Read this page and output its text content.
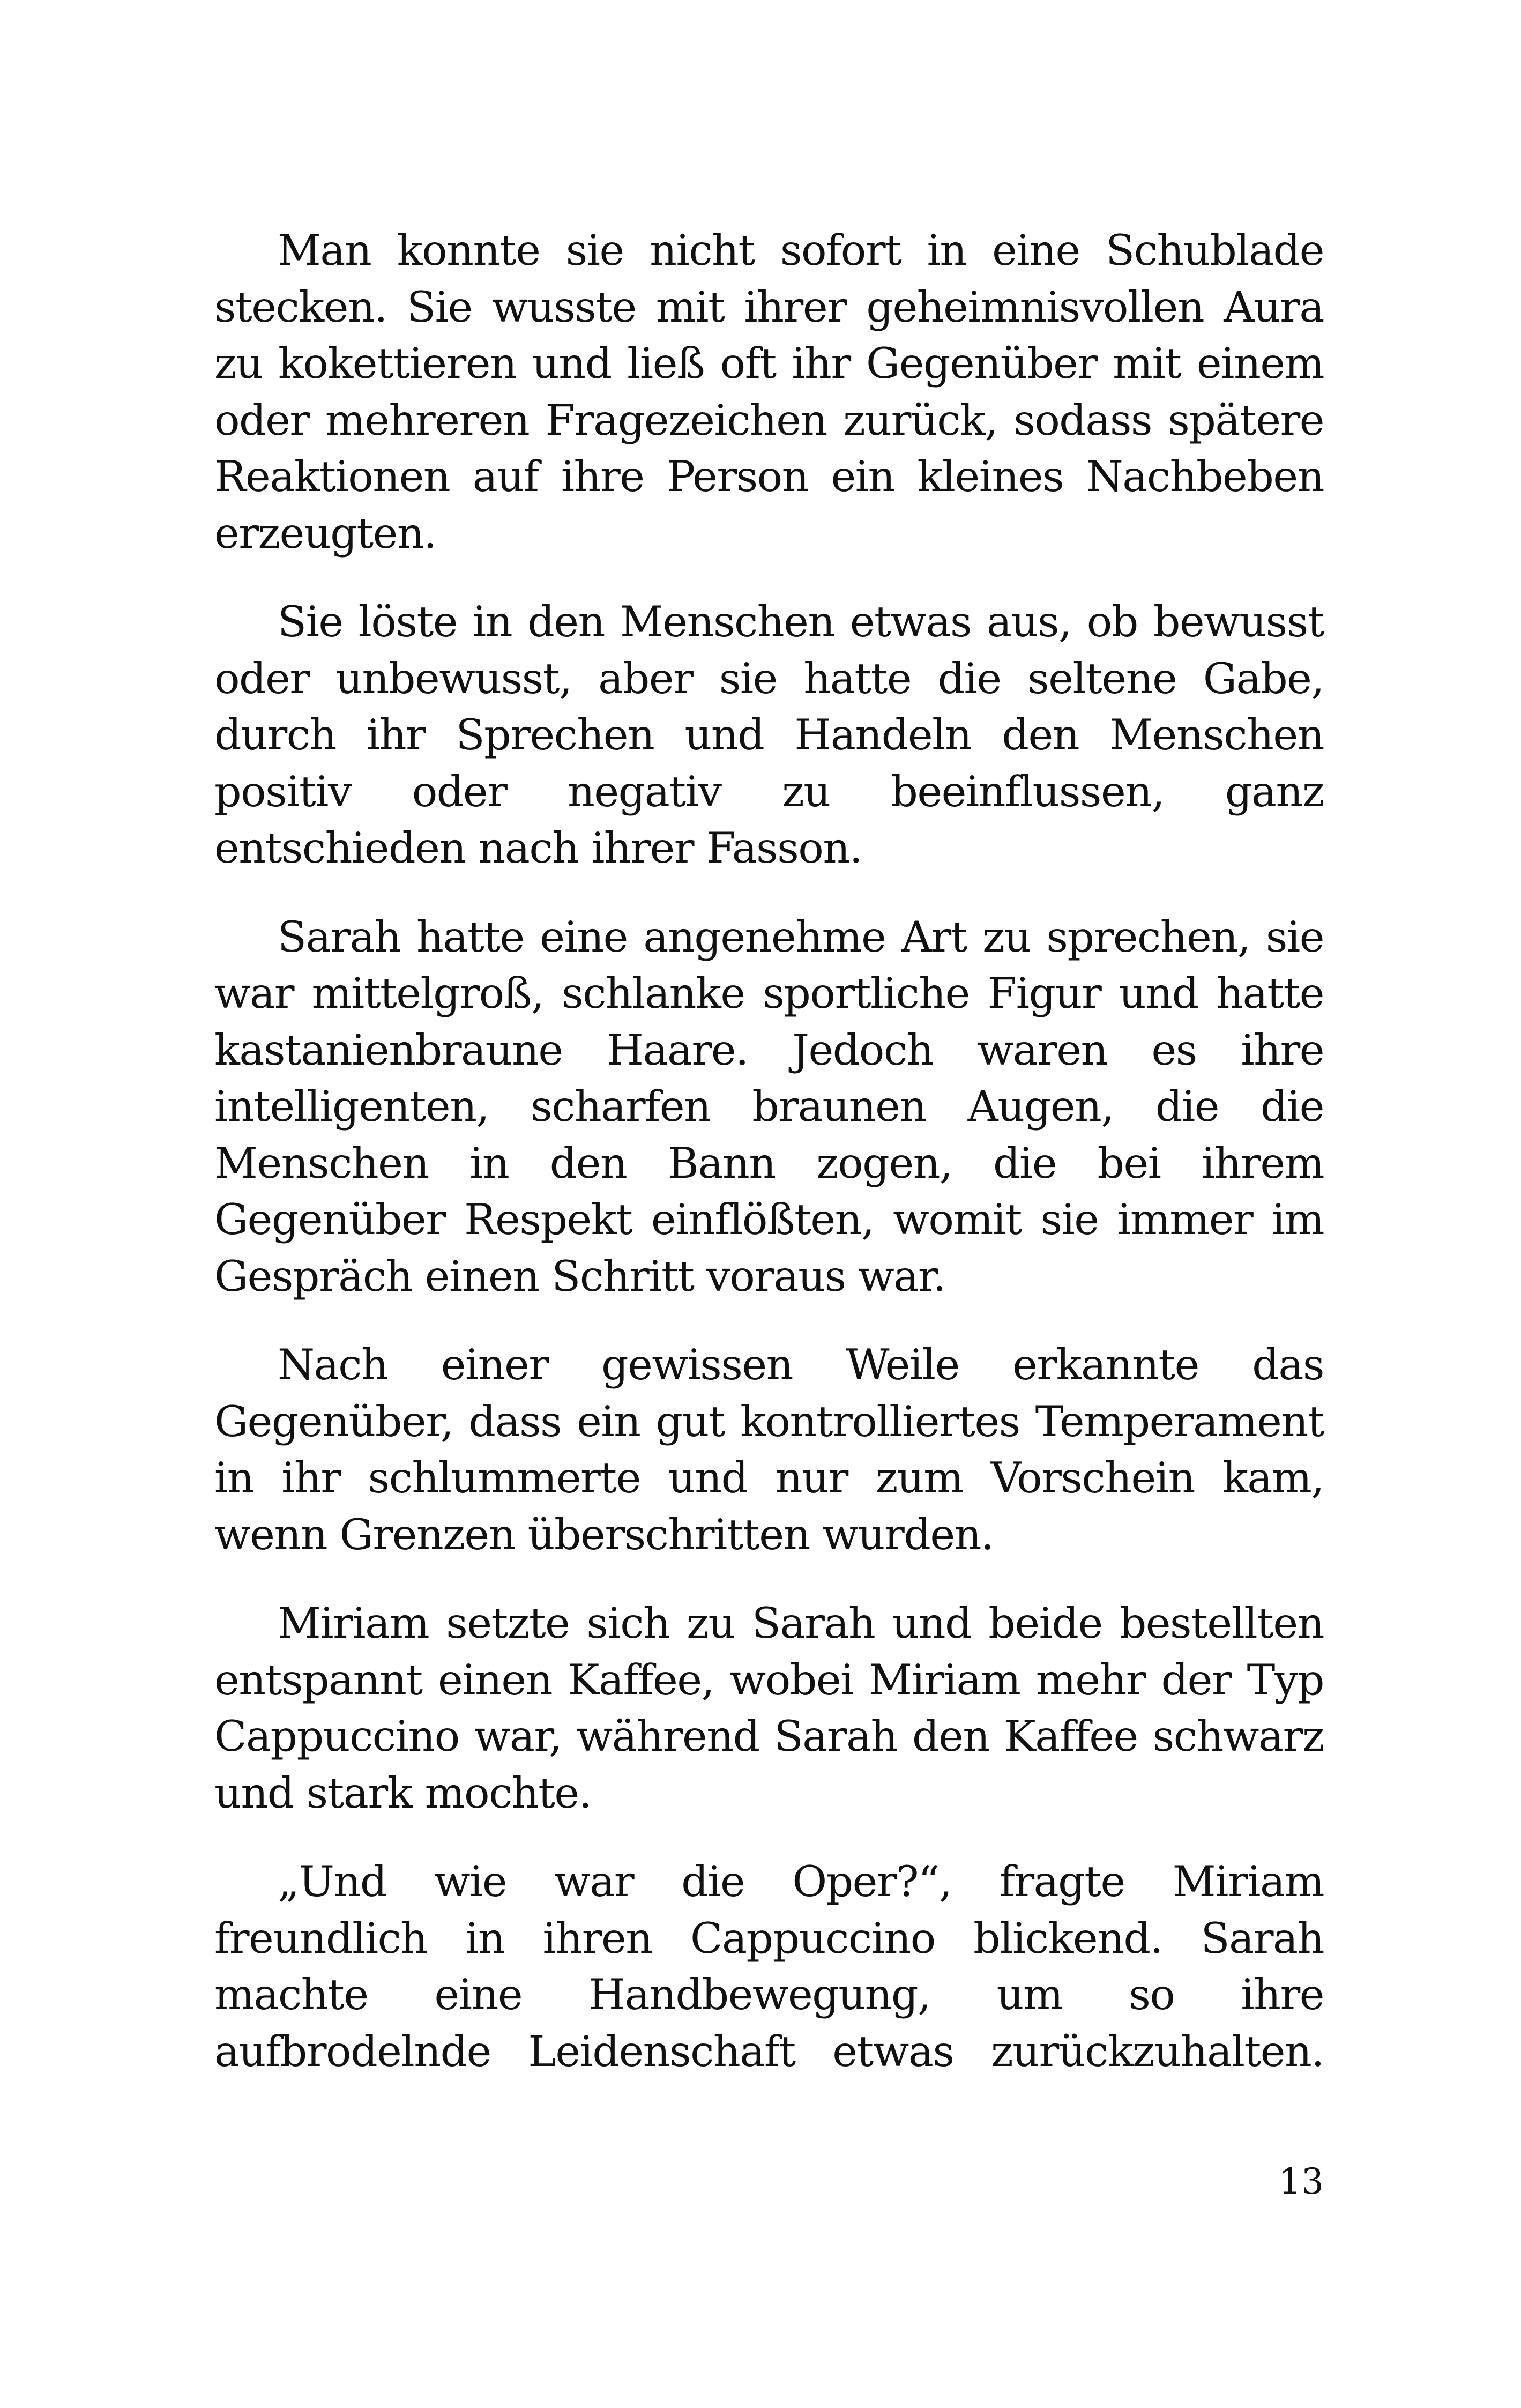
Man konnte sie nicht sofort in eine Schublade stecken. Sie wusste mit ihrer geheimnisvollen Aura zu kokettieren und ließ oft ihr Gegenüber mit einem oder mehreren Fragezeichen zurück, sodass spätere Reaktionen auf ihre Person ein kleines Nachbeben erzeugten.

Sie löste in den Menschen etwas aus, ob bewusst oder unbewusst, aber sie hatte die seltene Gabe, durch ihr Sprechen und Handeln den Menschen positiv oder negativ zu beeinflussen, ganz entschieden nach ihrer Fasson.

Sarah hatte eine angenehme Art zu sprechen, sie war mittelgroß, schlanke sportliche Figur und hatte kastanienbraune Haare. Jedoch waren es ihre intelligenten, scharfen braunen Augen, die die Menschen in den Bann zogen, die bei ihrem Gegenüber Respekt einflößten, womit sie immer im Gespräch einen Schritt voraus war.

Nach einer gewissen Weile erkannte das Gegenüber, dass ein gut kontrolliertes Temperament in ihr schlummerte und nur zum Vorschein kam, wenn Grenzen überschritten wurden.

Miriam setzte sich zu Sarah und beide bestellten entspannt einen Kaffee, wobei Miriam mehr der Typ Cappuccino war, während Sarah den Kaffee schwarz und stark mochte.

„Und wie war die Oper?“, fragte Miriam freundlich in ihren Cappuccino blickend. Sarah machte eine Handbewegung, um so ihre aufbrodelnde Leidenschaft etwas zurückzuhalten.

13
